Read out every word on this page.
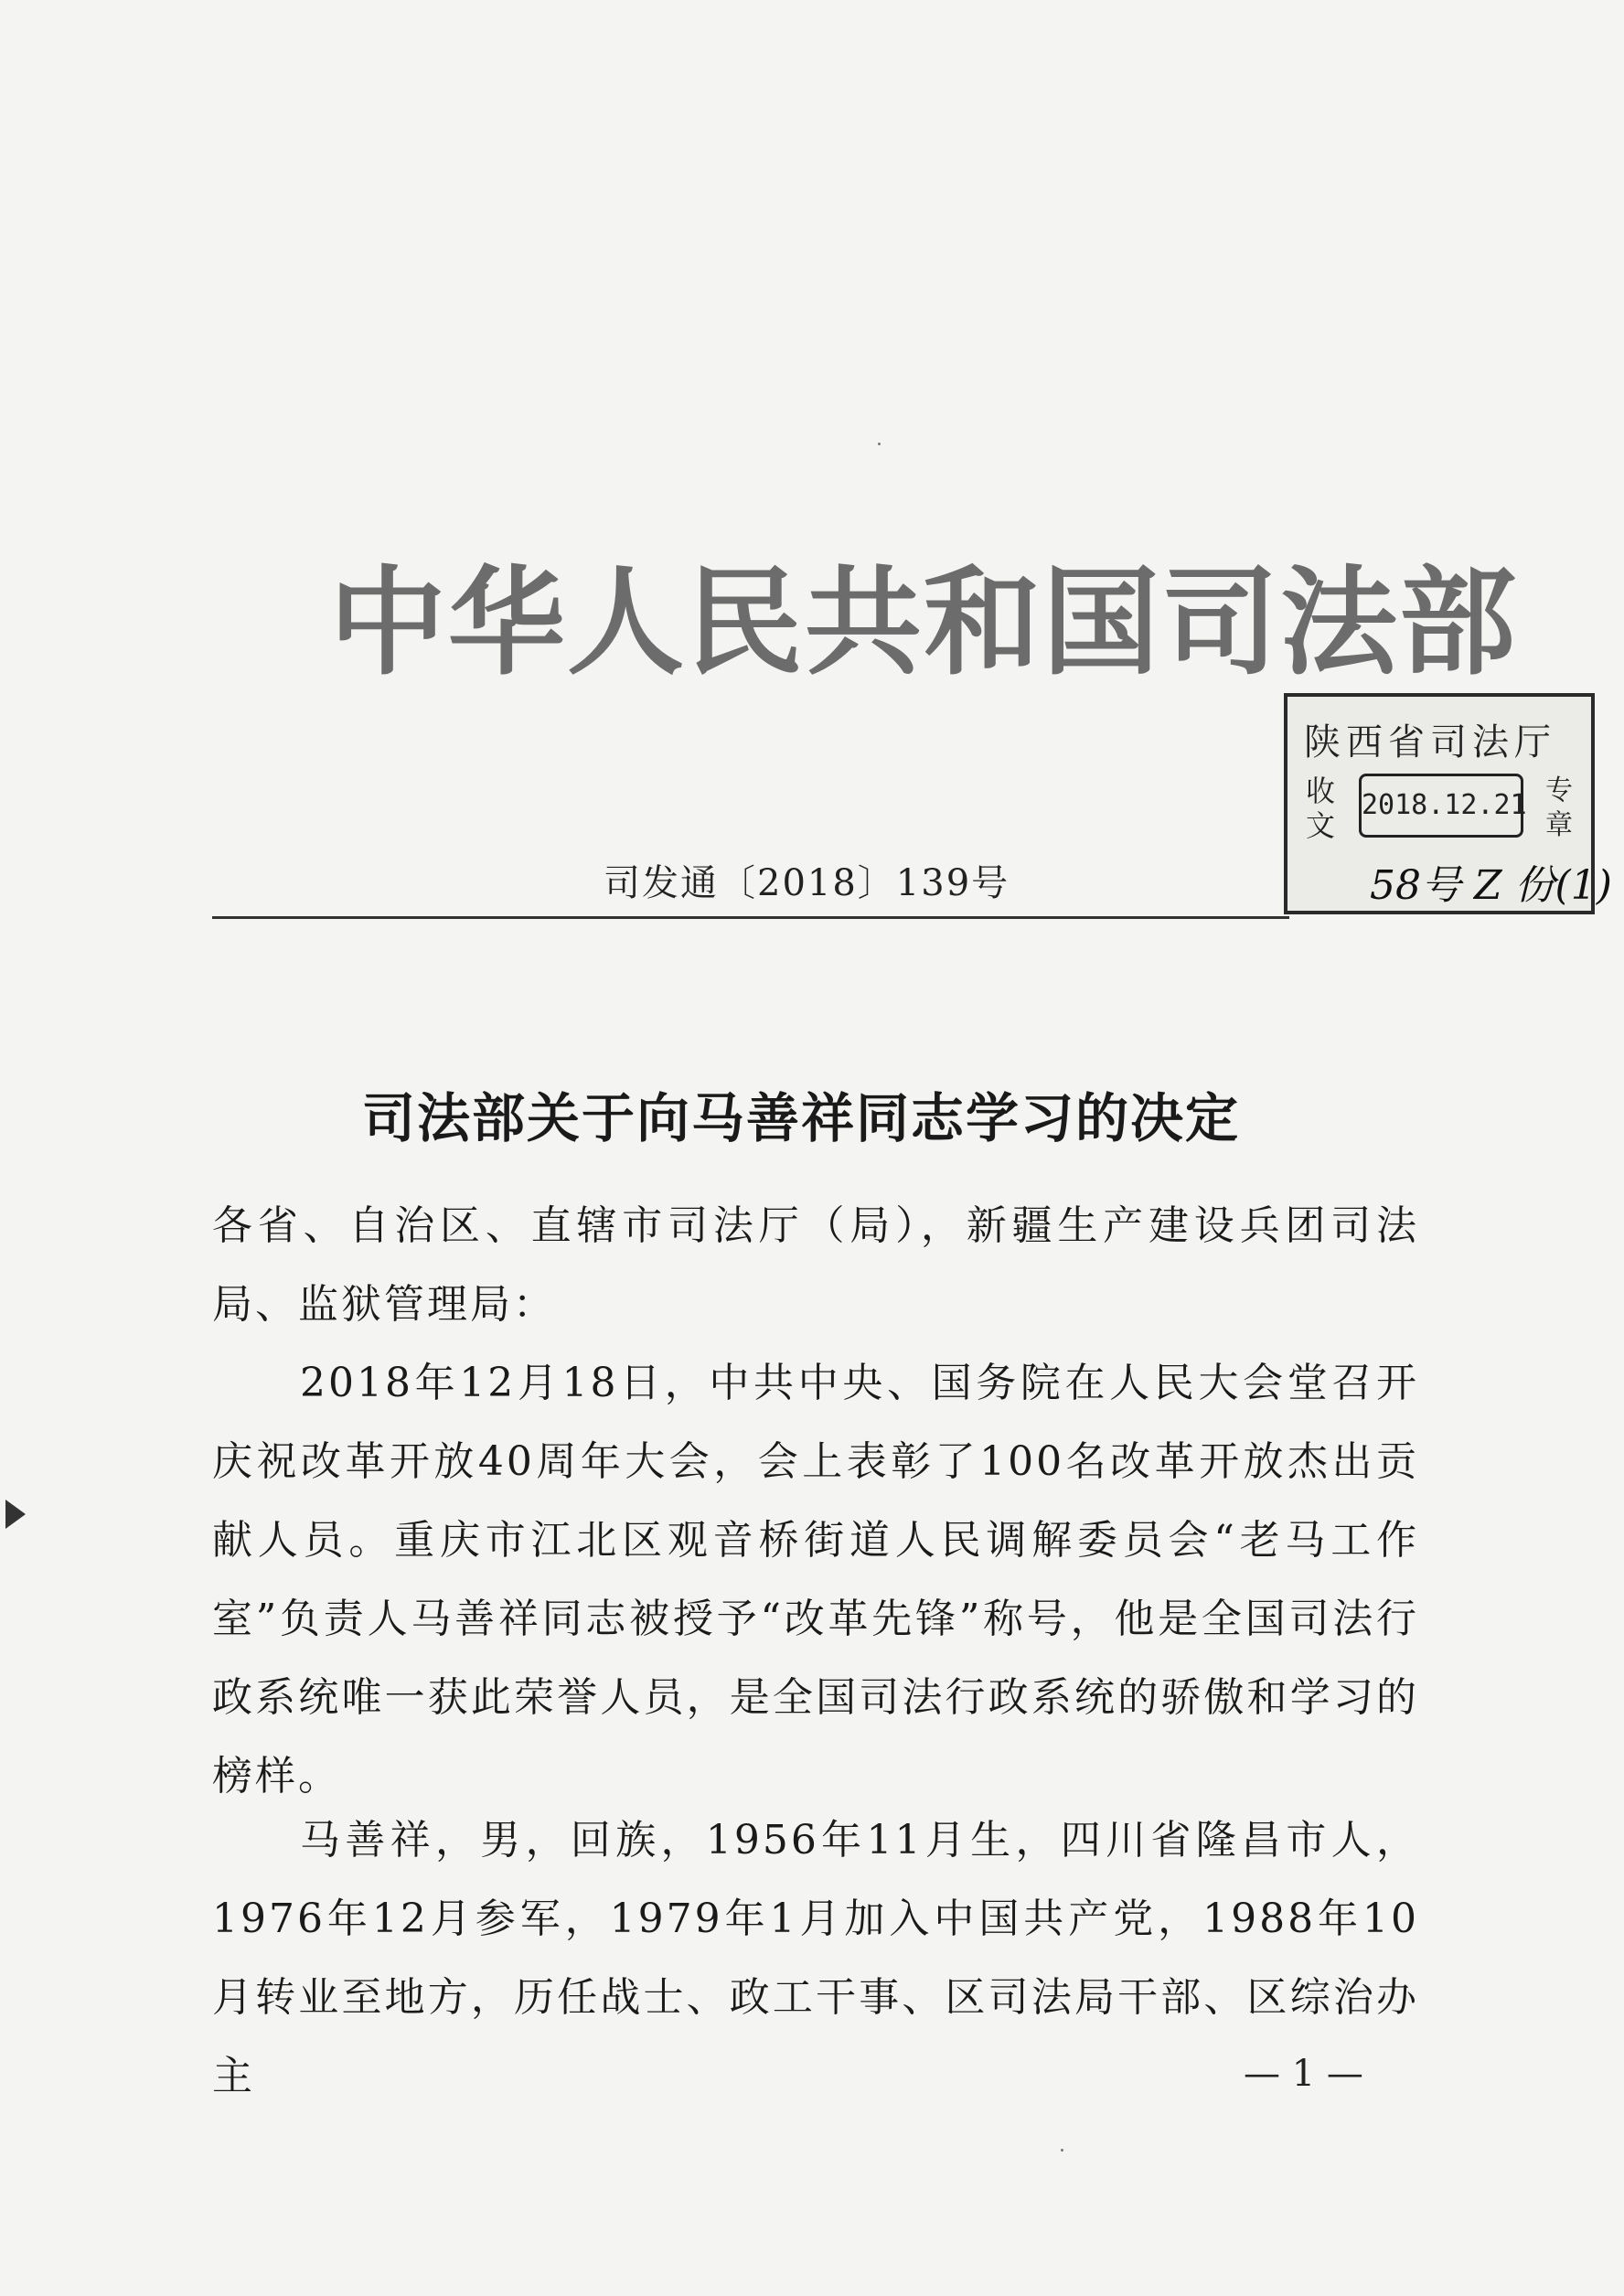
中华人民共和国司法部
陕西省司法厅
收文
2018.12.21 专章
58号 Z 份(1)
司发通〔2018〕139号
司法部关于向马善祥同志学习的决定
各省、自治区、直辖市司法厅（局），新疆生产建设兵团司法局、监狱管理局：
2018年12月18日，中共中央、国务院在人民大会堂召开庆祝改革开放40周年大会，会上表彰了100名改革开放杰出贡献人员。重庆市江北区观音桥街道人民调解委员会“老马工作室”负责人马善祥同志被授予“改革先锋”称号，他是全国司法行政系统唯一获此荣誉人员，是全国司法行政系统的骄傲和学习的榜样。
马善祥，男，回族，1956年11月生，四川省隆昌市人，1976年12月参军，1979年1月加入中国共产党，1988年10月转业至地方，历任战士、政工干事、区司法局干部、区综治办主	— 1 —
